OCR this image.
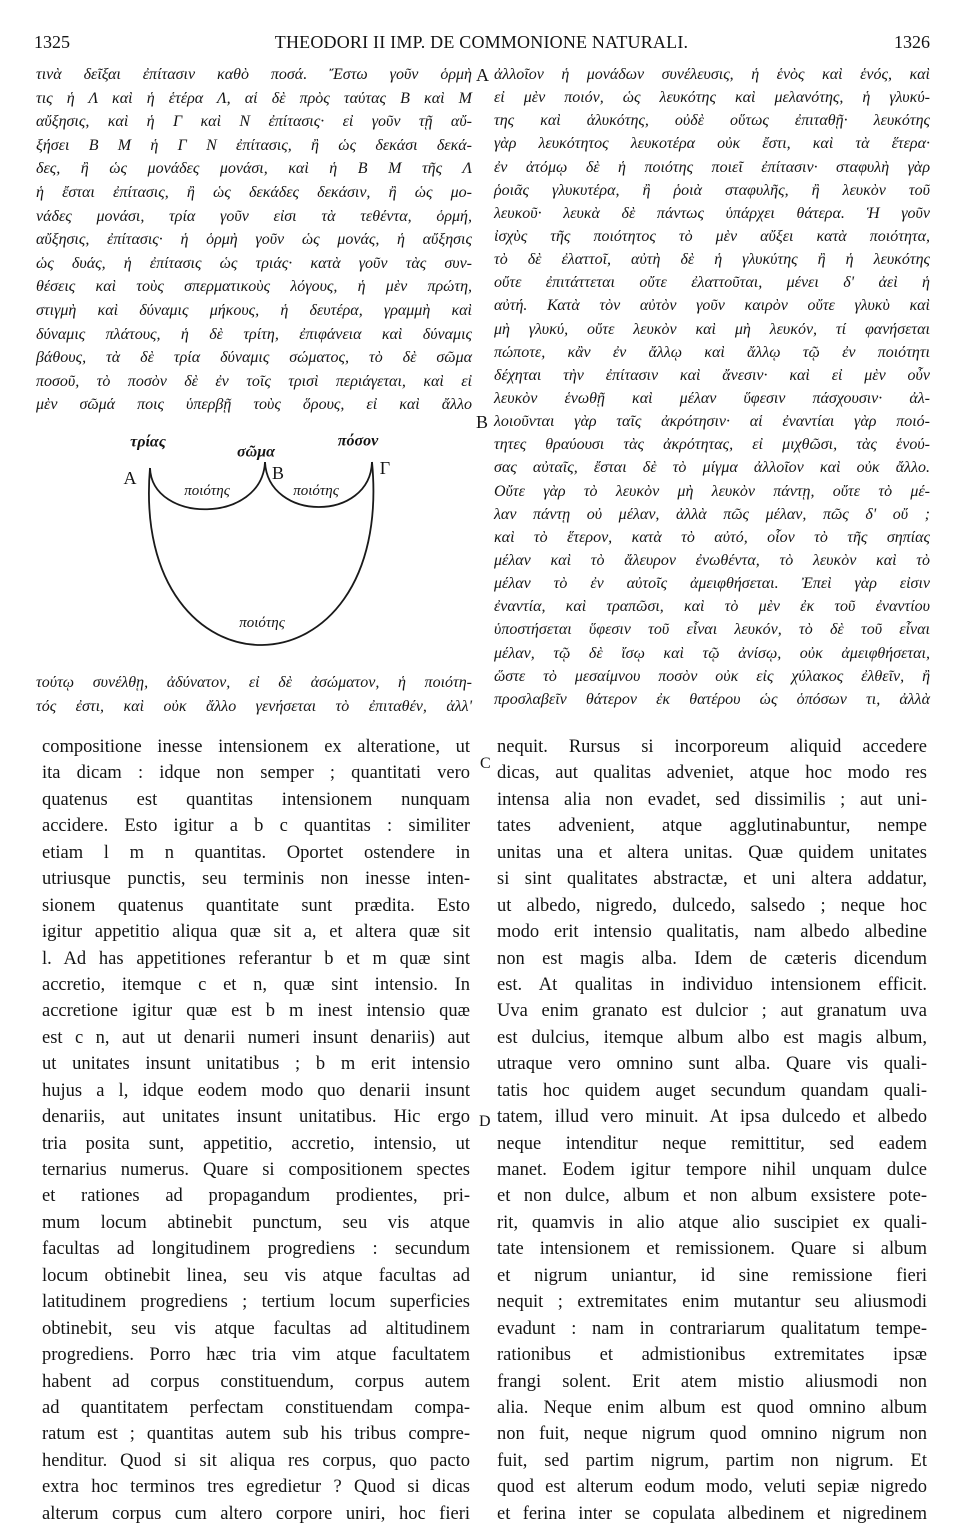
1325	THEODORI II IMP. DE COMMONIONE NATURALI.	1326
τινὰ δεῖξαι ἐπίτασιν καθὸ ποσά. Ἔστω γοῦν ὁρμὴ
τις ἡ Λ καὶ ἡ ἑτέρα Λ, αἱ δὲ πρὸς ταύτας Β καὶ Μ
αὔξησις, καὶ ἡ Γ καὶ Ν ἐπίτασις· εἰ γοῦν τῇ αὔ-
ξήσει Β Μ ἡ Γ Ν ἐπίτασις, ἢ ὡς δεκάσι δεκά-
δες, ἢ ὡς μονάδες μονάσι, καὶ ἡ Β Μ τῆς Λ
ἡ ἔσται ἐπίτασις, ἢ ὡς δεκάδες δεκάσιν, ἢ ὡς μο-
νάδες μονάσι, τρία γοῦν εἰσι τὰ τεθέντα, ὁρμή,
αὔξησις, ἐπίτασις· ἡ ὁρμὴ γοῦν ὡς μονάς, ἡ αὔξησις
ὡς δυάς, ἡ ἐπίτασις ὡς τριάς· κατὰ γοῦν τὰς συν-
θέσεις καὶ τοὺς σπερματικοὺς λόγους, ἡ μὲν πρώτη,
στιγμὴ καὶ δύναμις μήκους, ἡ δευτέρα, γραμμὴ καὶ
δύναμις πλάτους, ἡ δὲ τρίτη, ἐπιφάνεια καὶ δύναμις
βάθους, τὰ δὲ τρία δύναμις σώματος, τὸ δὲ σῶμα
ποσοῦ, τὸ ποσὸν δὲ ἐν τοῖς τρισὶ περιάγεται, καὶ εἰ
μὲν σῶμά ποις ὑπερβῇ τοὺς ὅρους, εἰ καὶ ἄλλο
τρίας
σῶμα
πόσον
Α	Β	Γ
ποιότης	ποιότης
ποιότης
τούτῳ συνέλθῃ, ἀδύνατον, εἰ δὲ ἀσώματον, ἡ ποιότη-
τός ἐστι, καὶ οὐκ ἄλλο γενήσεται τὸ ἐπιταθέν, ἀλλ'
ἀλλοῖον ἡ μονάδων συνέλευσις, ἡ ἑνὸς καὶ ἑνός, καὶ
εἰ μὲν ποιόν, ὡς λευκότης καὶ μελανότης, ἡ γλυκύ-
της καὶ ἁλυκότης, οὐδὲ οὕτως ἐπιταθῇ· λευκότης
γὰρ λευκότητος λευκοτέρα οὐκ ἔστι, καὶ τὰ ἕτερα·
ἐν ἀτόμῳ δὲ ἡ ποιότης ποιεῖ ἐπίτασιν· σταφυλὴ γὰρ
ῥοιᾶς γλυκυτέρα, ἢ ῥοιὰ σταφυλῆς, ἢ λευκὸν τοῦ
λευκοῦ· λευκὰ δὲ πάντως ὑπάρχει θάτερα. Ἡ γοῦν
ἰσχὺς τῆς ποιότητος τὸ μὲν αὔξει κατὰ ποιότητα,
τὸ δὲ ἐλαττοῖ, αὐτὴ δὲ ἡ γλυκύτης ἢ ἡ λευκότης
οὔτε ἐπιτάττεται οὔτε ἐλαττοῦται, μένει δ' ἀεὶ ἡ
αὐτή. Κατὰ τὸν αὐτὸν γοῦν καιρὸν οὔτε γλυκὺ καὶ
μὴ γλυκύ, οὔτε λευκὸν καὶ μὴ λευκόν, τί φανήσεται
πώποτε, κἂν ἐν ἄλλῳ καὶ ἄλλῳ τῷ ἐν ποιότητι
δέχηται τὴν ἐπίτασιν καὶ ἄνεσιν· καὶ εἰ μὲν οὖν
λευκὸν ἑνωθῇ καὶ μέλαν ὕφεσιν πάσχουσιν· ἀλ-
λοιοῦνται γὰρ ταῖς ἀκρότησιν· αἱ ἐναντίαι γὰρ ποιό-
τητες θραύουσι τὰς ἀκρότητας, εἰ μιχθῶσι, τὰς ἑνού-
σας αὐταῖς, ἔσται δὲ τὸ μίγμα ἀλλοῖον καὶ οὐκ ἄλλο.
Οὔτε γὰρ τὸ λευκὸν μὴ λευκὸν πάντῃ, οὔτε τὸ μέ-
λαν πάντῃ οὐ μέλαν, ἀλλὰ πῶς μέλαν, πῶς δ' οὔ ;
καὶ τὸ ἕτερον, κατὰ τὸ αὐτό, οἷον τὸ τῆς σηπίας
μέλαν καὶ τὸ ἄλευρον ἐνωθέντα, τὸ λευκὸν καὶ τὸ
μέλαν τὸ ἐν αὐτοῖς ἀμειφθήσεται. Ἐπεὶ γὰρ εἰσιν
ἐναντία, καὶ τραπῶσι, καὶ τὸ μὲν ἐκ τοῦ ἐναντίου
ὑποστήσεται ὕφεσιν τοῦ εἶναι λευκόν, τὸ δὲ τοῦ εἶναι
μέλαν, τῷ δὲ ἴσῳ καὶ τῷ ἀνίσῳ, οὐκ ἀμειφθήσεται,
ὥστε τὸ μεσαίμνου ποσὸν οὐκ εἰς χύλακος ἐλθεῖν, ἢ
προσλαβεῖν θάτερον ἐκ θατέρου ὡς ὁπόσων τι, ἀλλὰ
A
B
C
D
compositione inesse intensionem ex alteratione, ut
ita dicam : idque non semper ; quantitati vero
quatenus est quantitas intensionem nunquam
accidere. Esto igitur a b c quantitas : similiter
etiam l m n quantitas. Oportet ostendere in
utriusque punctis, seu terminis non inesse inten-
sionem quatenus quantitate sunt prædita. Esto
igitur appetitio aliqua quæ sit a, et altera quæ sit
l. Ad has appetitiones referantur b et m quæ sint
accretio, itemque c et n, quæ sint intensio. In
accretione igitur quæ est b m inest intensio quæ
est c n, aut ut denarii numeri insunt denariis) aut
ut unitates insunt unitatibus ; b m erit intensio
hujus a l, idque eodem modo quo denarii insunt
denariis, aut unitates insunt unitatibus. Hic ergo
tria posita sunt, appetitio, accretio, intensio, ut
ternarius numerus. Quare si compositionem spectes
et rationes ad propagandum prodientes, pri-
mum locum abtinebit punctum, seu vis atque
facultas ad longitudinem progrediens : secundum
locum obtinebit linea, seu vis atque facultas ad
latitudinem progrediens ; tertium locum superficies
obtinebit, seu vis atque facultas ad altitudinem
progrediens. Porro hæc tria vim atque facultatem
habent ad corpus constituendum, corpus autem
ad quantitatem perfectam constituendam compa-
ratum est ; quantitas autem sub his tribus compre-
henditur. Quod si sit aliqua res corpus, quo pacto
extra hoc terminos tres egredietur ? Quod si dicas
alterum corpus cum altero corpore uniri, hoc fieri
nequit. Rursus si incorporeum aliquid accedere
dicas, aut qualitas adveniet, atque hoc modo res
intensa alia non evadet, sed dissimilis ; aut uni-
tates advenient, atque agglutinabuntur, nempe
unitas una et altera unitas. Quæ quidem unitates
si sint qualitates abstractæ, et uni altera addatur,
ut albedo, nigredo, dulcedo, salsedo ; neque hoc
modo erit intensio qualitatis, nam albedo albedine
non est magis alba. Idem de cæteris dicendum
est. At qualitas in individuo intensionem efficit.
Uva enim granato est dulcior ; aut granatum uva
est dulcius, itemque album albo est magis album,
utraque vero omnino sunt alba. Quare vis quali-
tatis hoc quidem auget secundum quandam quali-
tatem, illud vero minuit. At ipsa dulcedo et albedo
neque intenditur neque remittitur, sed eadem
manet. Eodem igitur tempore nihil unquam dulce
et non dulce, album et non album exsistere pote-
rit, quamvis in alio atque alio suscipiet ex quali-
tate intensionem et remissionem. Quare si album
et nigrum uniantur, id sine remissione fieri
nequit ; extremitates enim mutantur seu aliusmodi
evadunt : nam in contrariarum qualitatum tempe-
rationibus et admistionibus extremitates ipsæ
frangi solent. Erit atem mistio aliusmodi non
alia. Neque enim album est quod omnino album
non fuit, neque nigrum quod omnino nigrum non
fuit, sed partim nigrum, partim non nigrum. Et
quod est alterum eodum modo, veluti sepiæ nigredo
et ferina inter se copulata albedinem et nigredinem
